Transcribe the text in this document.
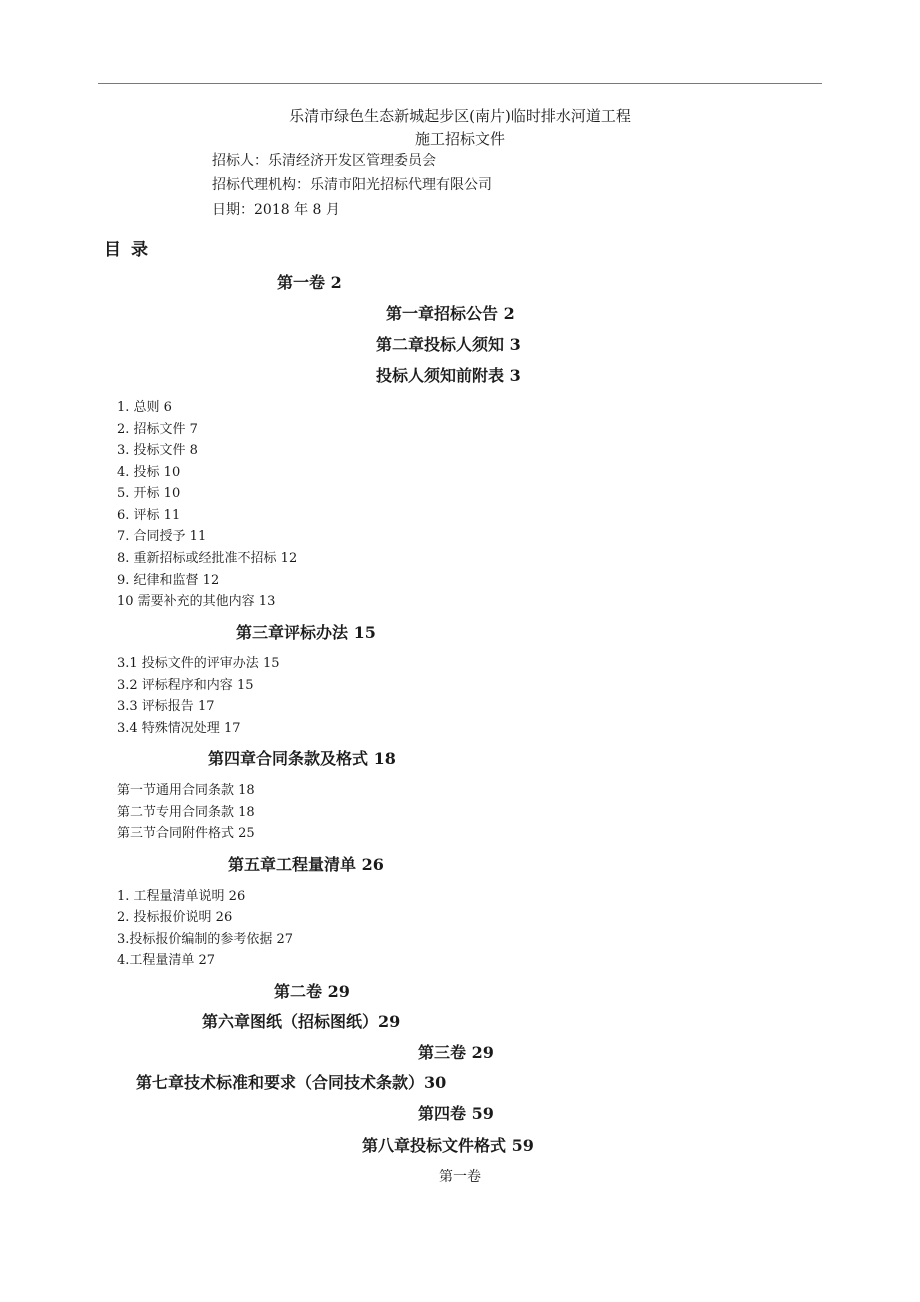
乐清市绿色生态新城起步区(南片)临时排水河道工程
施工招标文件
招标人：乐清经济开发区管理委员会
招标代理机构：乐清市阳光招标代理有限公司
日期：2018 年 8 月
目录
第一卷 2
第一章招标公告 2
第二章投标人须知 3
投标人须知前附表 3
1. 总则 6
2. 招标文件 7
3. 投标文件 8
4. 投标 10
5. 开标 10
6. 评标 11
7. 合同授予 11
8. 重新招标或经批准不招标 12
9. 纪律和监督 12
10 需要补充的其他内容 13
第三章评标办法 15
3.1 投标文件的评审办法 15
3.2 评标程序和内容 15
3.3 评标报告 17
3.4 特殊情况处理 17
第四章合同条款及格式 18
第一节通用合同条款 18
第二节专用合同条款 18
第三节合同附件格式 25
第五章工程量清单 26
1. 工程量清单说明 26
2. 投标报价说明 26
3.投标报价编制的参考依据 27
4.工程量清单 27
第二卷 29
第六章图纸（招标图纸）29
第三卷 29
第七章技术标准和要求（合同技术条款）30
第四卷 59
第八章投标文件格式 59
第一卷
